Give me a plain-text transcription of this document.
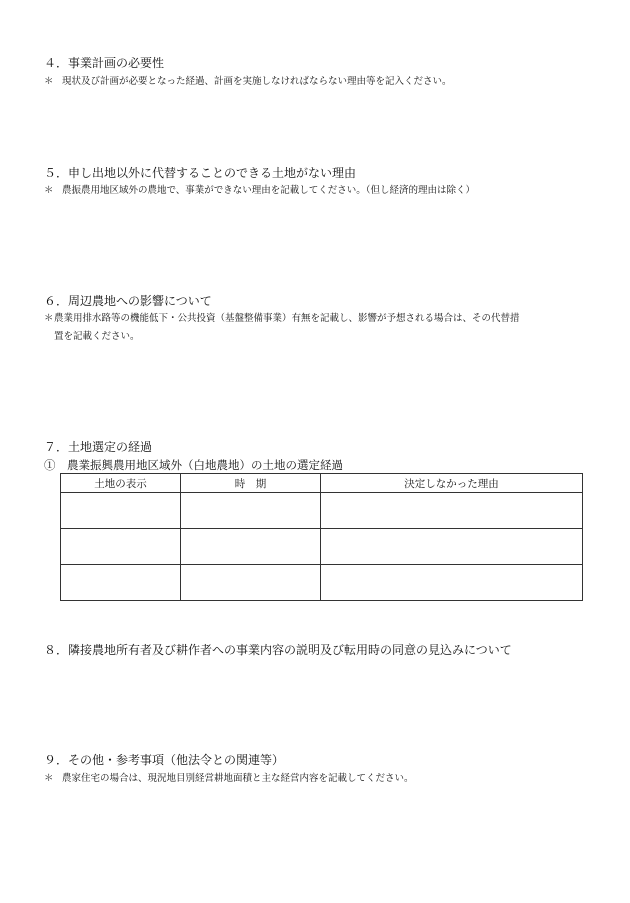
４．事業計画の必要性
＊ 現状及び計画が必要となった経過、計画を実施しなければならない理由等を記入ください。
５．申し出地以外に代替することのできる土地がない理由
＊ 農振農用地区域外の農地で、事業ができない理由を記載してください。（但し経済的理由は除く）
６．周辺農地への影響について
＊農業用排水路等の機能低下・公共投資（基盤整備事業）有無を記載し、影響が予想される場合は、その代替措
置を記載ください。
７．土地選定の経過
①　農業振興農用地区域外（白地農地）の土地の選定経過
土地の表示	時　期	決定しなかった理由

８．隣接農地所有者及び耕作者への事業内容の説明及び転用時の同意の見込みについて
９．その他・参考事項（他法令との関連等）
＊ 農家住宅の場合は、現況地目別経営耕地面積と主な経営内容を記載してください。
